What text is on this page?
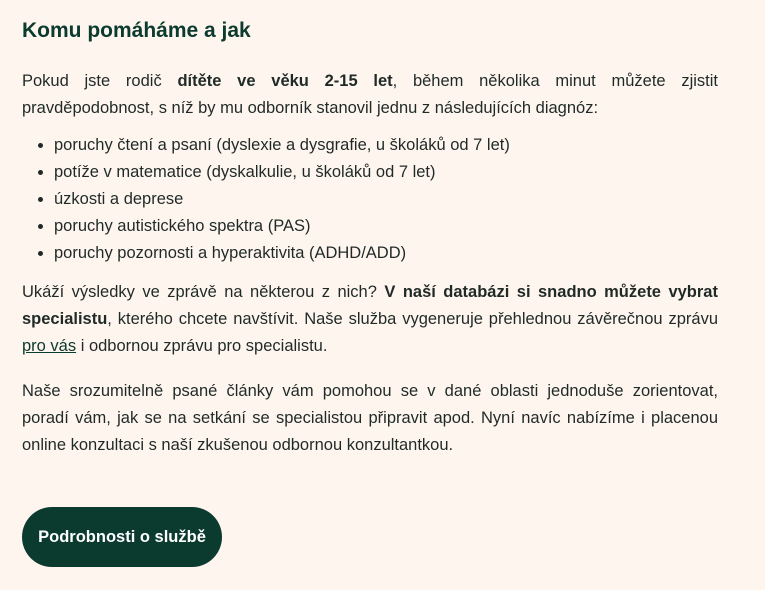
Komu pomáháme a jak

Pokud jste rodič dítěte ve věku 2-15 let, během několika minut můžete zjistit pravděpodobnost, s níž by mu odborník stanovil jednu z následujících diagnóz:

• poruchy čtení a psaní (dyslexie a dysgrafie, u školáků od 7 let)
• potíže v matematice (dyskalkulie, u školáků od 7 let)
• úzkosti a deprese
• poruchy autistického spektra (PAS)
• poruchy pozornosti a hyperaktivita (ADHD/ADD)

Ukáží výsledky ve zprávě na některou z nich? V naší databázi si snadno můžete vybrat specialistu, kterého chcete navštívit. Naše služba vygeneruje přehlednou závěrečnou zprávu pro vás i odbornou zprávu pro specialistu.

Naše srozumitelně psané články vám pomohou se v dané oblasti jednoduše zorientovat, poradí vám, jak se na setkání se specialistou připravit apod. Nyní navíc nabízíme i placenou online konzultaci s naší zkušenou odbornou konzultantkou.

Podrobnosti o službě
